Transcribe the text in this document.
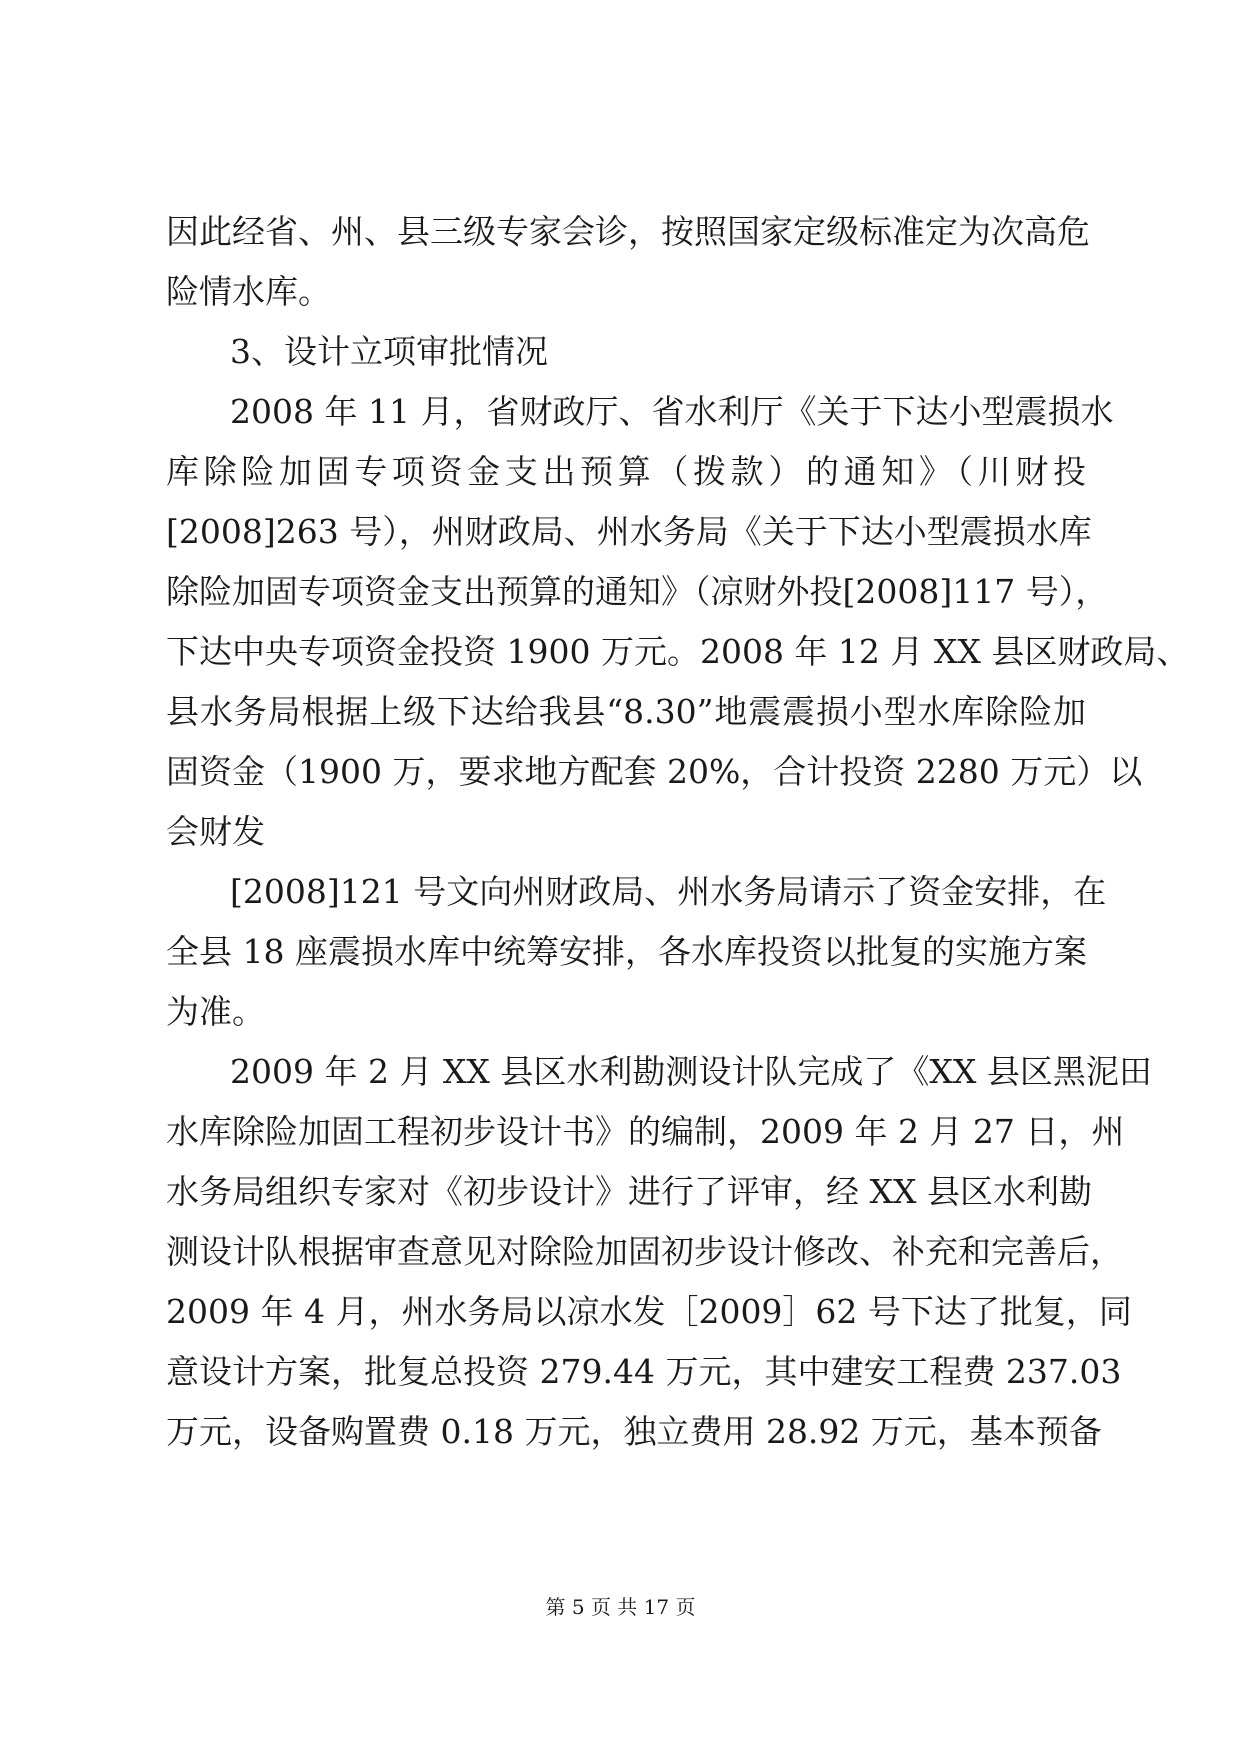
因此经省、州、县三级专家会诊，按照国家定级标准定为次高危
险情水库。
3、设计立项审批情况
2008 年 11 月，省财政厅、省水利厅《关于下达小型震损水
库除险加固专项资金支出预算（拨款）的通知》（川财投
[2008]263 号），州财政局、州水务局《关于下达小型震损水库
除险加固专项资金支出预算的通知》（凉财外投[2008]117 号），
下达中央专项资金投资 1900 万元。2008 年 12 月 XX 县区财政局、
县水务局根据上级下达给我县“8.30”地震震损小型水库除险加
固资金（1900 万，要求地方配套 20%，合计投资 2280 万元）以
会财发
[2008]121 号文向州财政局、州水务局请示了资金安排，在
全县 18 座震损水库中统筹安排，各水库投资以批复的实施方案
为准。
2009 年 2 月 XX 县区水利勘测设计队完成了《XX 县区黑泥田
水库除险加固工程初步设计书》的编制，2009 年 2 月 27 日，州
水务局组织专家对《初步设计》进行了评审，经 XX 县区水利勘
测设计队根据审查意见对除险加固初步设计修改、补充和完善后，
2009 年 4 月，州水务局以凉水发［2009］62 号下达了批复，同
意设计方案，批复总投资 279.44 万元，其中建安工程费 237.03
万元，设备购置费 0.18 万元，独立费用 28.92 万元，基本预备
第 5 页 共 17 页
